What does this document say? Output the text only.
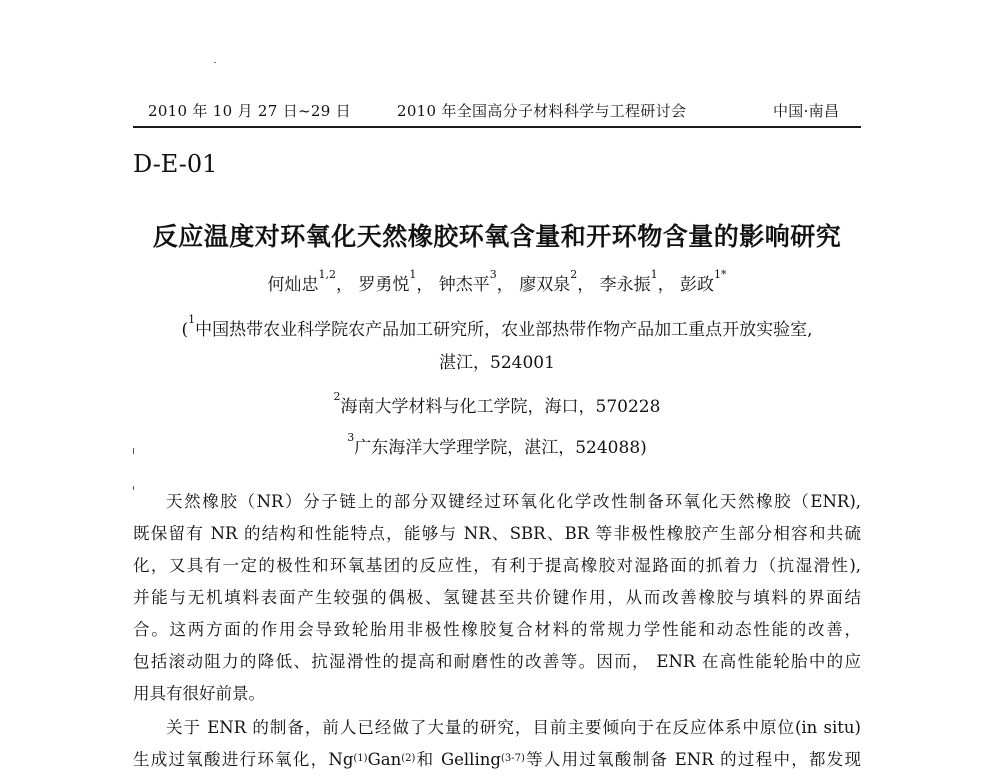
2010 年 10 月 27 日~29 日	2010 年全国高分子材料科学与工程研讨会	中国·南昌
D-E-01
反应温度对环氧化天然橡胶环氧含量和开环物含量的影响研究
何灿忠$^{1,2}$， 罗勇悦$^1$， 钟杰平$^3$， 廖双泉$^2$， 李永振$^1$， 彭政$^{1*}$
($^1$中国热带农业科学院农产品加工研究所，农业部热带作物产品加工重点开放实验室,
湛江，524001
$^2$海南大学材料与化工学院，海口，570228
$^3$广东海洋大学理学院，湛江，524088)
天然橡胶（NR）分子链上的部分双键经过环氧化化学改性制备环氧化天然橡胶（ENR),
既保留有 NR 的结构和性能特点，能够与 NR、SBR、BR 等非极性橡胶产生部分相容和共硫
化，又具有一定的极性和环氧基团的反应性，有利于提高橡胶对湿路面的抓着力（抗湿滑性),
并能与无机填料表面产生较强的偶极、氢键甚至共价键作用，从而改善橡胶与填料的界面结
合。这两方面的作用会导致轮胎用非极性橡胶复合材料的常规力学性能和动态性能的改善，
包括滚动阻力的降低、抗湿滑性的提高和耐磨性的改善等。因而， ENR 在高性能轮胎中的应
用具有很好前景。
关于 ENR 的制备，前人已经做了大量的研究，目前主要倾向于在反应体系中原位(in situ)
生成过氧酸进行环氧化，Ng$^{(1)}$Gan$^{(2)}$和 Gelling$^{(3-7)}$等人用过氧酸制备 ENR 的过程中，都发现
